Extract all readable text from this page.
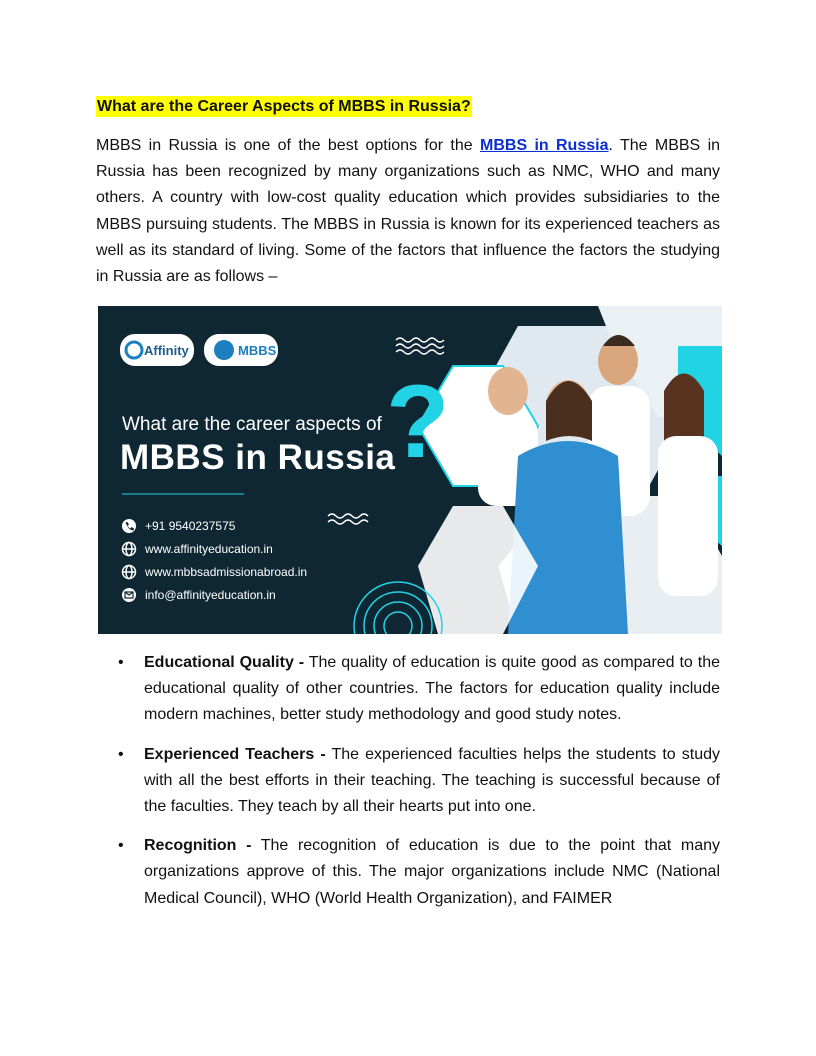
What are the Career Aspects of MBBS in Russia?

MBBS in Russia is one of the best options for the MBBS in Russia. The MBBS in Russia has been recognized by many organizations such as NMC, WHO and many others. A country with low-cost quality education which provides subsidiaries to the MBBS pursuing students. The MBBS in Russia is known for its experienced teachers as well as its standard of living. Some of the factors that influence the factors the studying in Russia are as follows –

Affinity	MBBS
What are the career aspects of
MBBS in Russia
?
+91 9540237575
www.affinityeducation.in
www.mbbsadmissionabroad.in
info@affinityeducation.in
• Educational Quality - The quality of education is quite good as compared to the educational quality of other countries. The factors for education quality include modern machines, better study methodology and good study notes.
• Experienced Teachers - The experienced faculties helps the students to study with all the best efforts in their teaching. The teaching is successful because of the faculties. They teach by all their hearts put into one.
• Recognition - The recognition of education is due to the point that many organizations approve of this. The major organizations include NMC (National Medical Council), WHO (World Health Organization), and FAIMER
